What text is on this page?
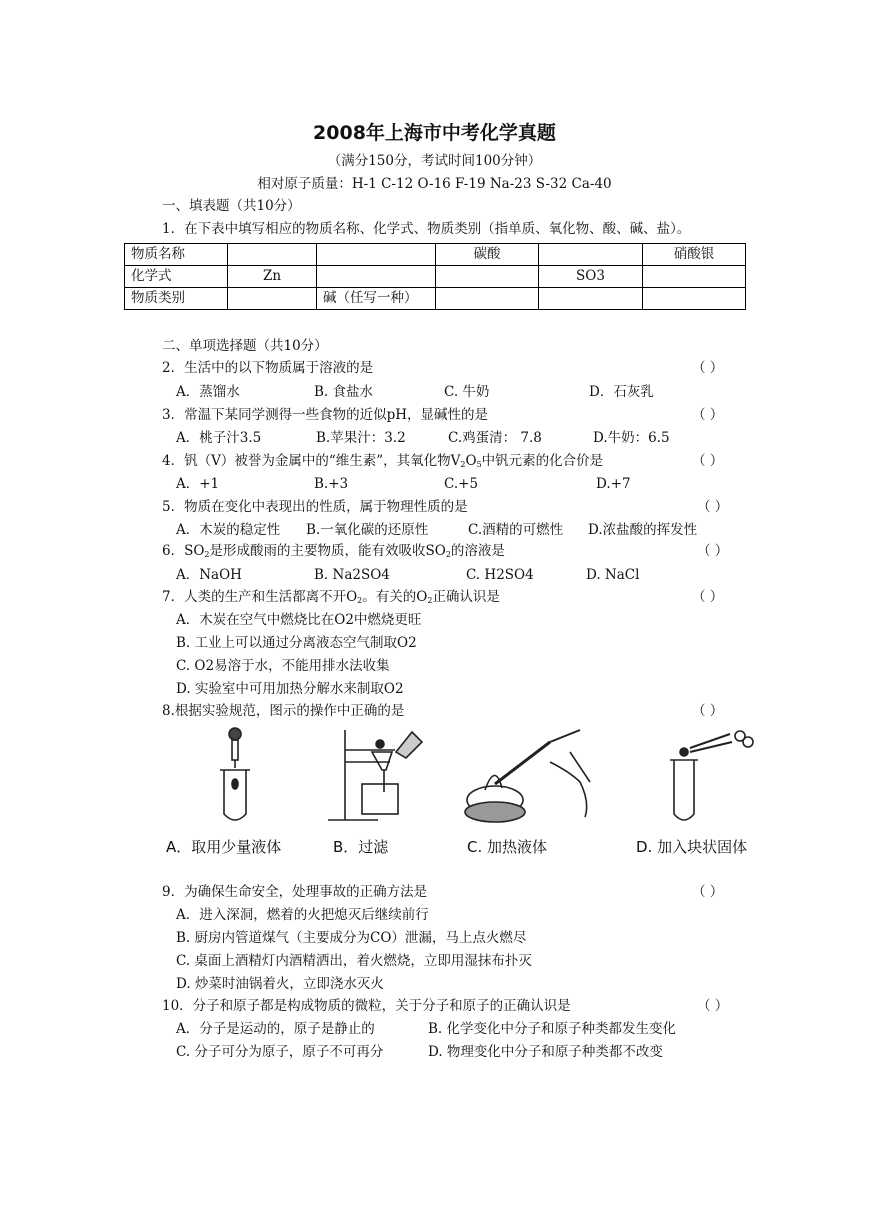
2008年上海市中考化学真题
（满分150分，考试时间100分钟）
相对原子质量：H-1 C-12 O-16 F-19 Na-23 S-32 Ca-40
一、填表题（共10分）
1．在下表中填写相应的物质名称、化学式、物质类别（指单质、氧化物、酸、碱、盐）。
物质名称			碳酸		硝酸银
化学式	Zn			SO3	
物质类别		碱（任写一种）			
二、单项选择题（共10分）
2．生活中的以下物质属于溶液的是	（ ）
A．蒸馏水	B. 食盐水	C. 牛奶	D．石灰乳
3．常温下某同学测得一些食物的近似pH，显碱性的是	（ ）
A．桃子汁3.5	B.苹果汁：3.2	C.鸡蛋清： 7.8	D.牛奶：6.5
4．钒（V）被誉为金属中的“维生素”，其氧化物$V_2O_5$中钒元素的化合价是	（ ）
A．+1	B.+3	C.+5	D.+7
5．物质在变化中表现出的性质，属于物理性质的是	（ ）
A．木炭的稳定性 B.一氧化碳的还原性	C.酒精的可燃性 D.浓盐酸的挥发性
6．$SO_2$是形成酸雨的主要物质，能有效吸收$SO_2$的溶液是	（ ）
A．NaOH	B. Na2SO4	C. H2SO4	D. NaCl
7．人类的生产和生活都离不开$O_2$。有关的$O_2$正确认识是	（ ）
A．木炭在空气中燃烧比在O2中燃烧更旺
B. 工业上可以通过分离液态空气制取O2
C. O2易溶于水，不能用排水法收集
D. 实验室中可用加热分解水来制取O2
8.根据实验规范，图示的操作中正确的是	（ ）
A．取用少量液体	B．过滤	C. 加热液体	D. 加入块状固体
9．为确保生命安全，处理事故的正确方法是	（ ）
A．进入深洞，燃着的火把熄灭后继续前行
B. 厨房内管道煤气（主要成分为CO）泄漏，马上点火燃尽
C. 桌面上酒精灯内酒精洒出，着火燃烧，立即用湿抹布扑灭
D. 炒菜时油锅着火，立即浇水灭火
10．分子和原子都是构成物质的微粒，关于分子和原子的正确认识是	（ ）
A．分子是运动的，原子是静止的	B. 化学变化中分子和原子种类都发生变化
C. 分子可分为原子，原子不可再分	D. 物理变化中分子和原子种类都不改变
